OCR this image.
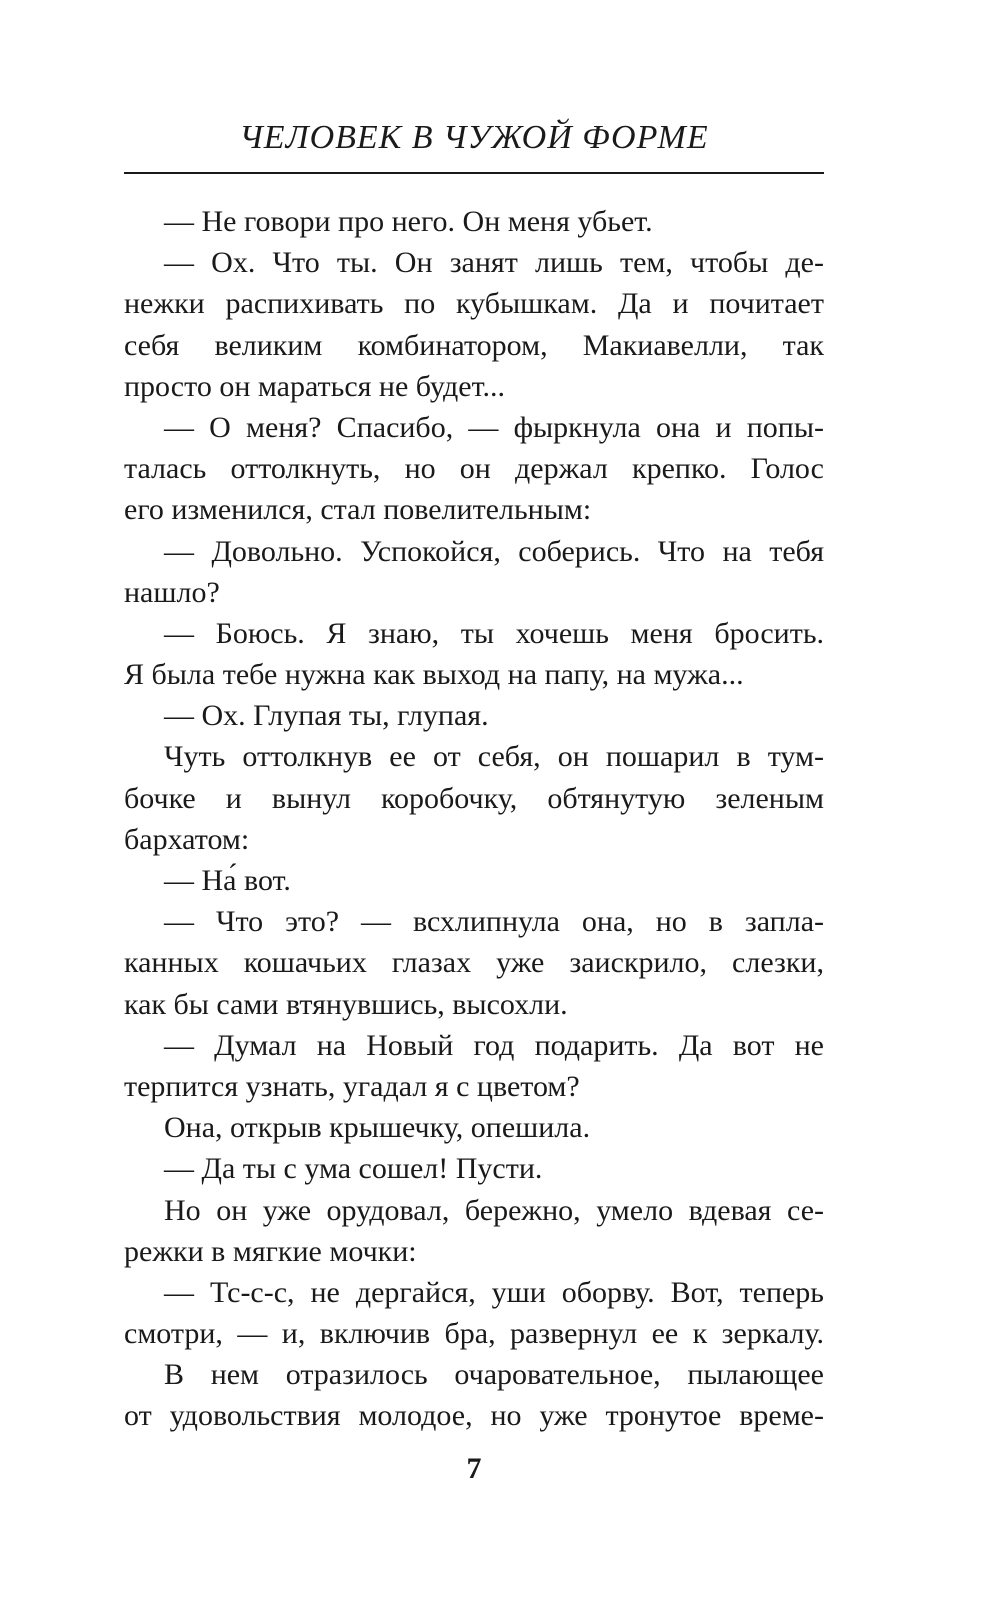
ЧЕЛОВЕК В ЧУЖОЙ ФОРМЕ
— Не говори про него. Он меня убьет.
— Ох. Что ты. Он занят лишь тем, чтобы де-
нежки распихивать по кубышкам. Да и почитает
себя великим комбинатором, Макиавелли, так
просто он мараться не будет...
— О меня? Спасибо, — фыркнула она и попы-
талась оттолкнуть, но он держал крепко. Голос
его изменился, стал повелительным:
— Довольно. Успокойся, соберись. Что на тебя
нашло?
— Боюсь. Я знаю, ты хочешь меня бросить.
Я была тебе нужна как выход на папу, на мужа...
— Ох. Глупая ты, глупая.
Чуть оттолкнув ее от себя, он пошарил в тум-
бочке и вынул коробочку, обтянутую зеленым
бархатом:
— На́ вот.
— Что это? — всхлипнула она, но в запла-
канных кошачьих глазах уже заискрило, слезки,
как бы сами втянувшись, высохли.
— Думал на Новый год подарить. Да вот не
терпится узнать, угадал я с цветом?
Она, открыв крышечку, опешила.
— Да ты с ума сошел! Пусти.
Но он уже орудовал, бережно, умело вдевая се-
режки в мягкие мочки:
— Тс-с-с, не дергайся, уши оборву. Вот, теперь
смотри, — и, включив бра, развернул ее к зеркалу.
В нем отразилось очаровательное, пылающее
от удовольствия молодое, но уже тронутое време-
7
